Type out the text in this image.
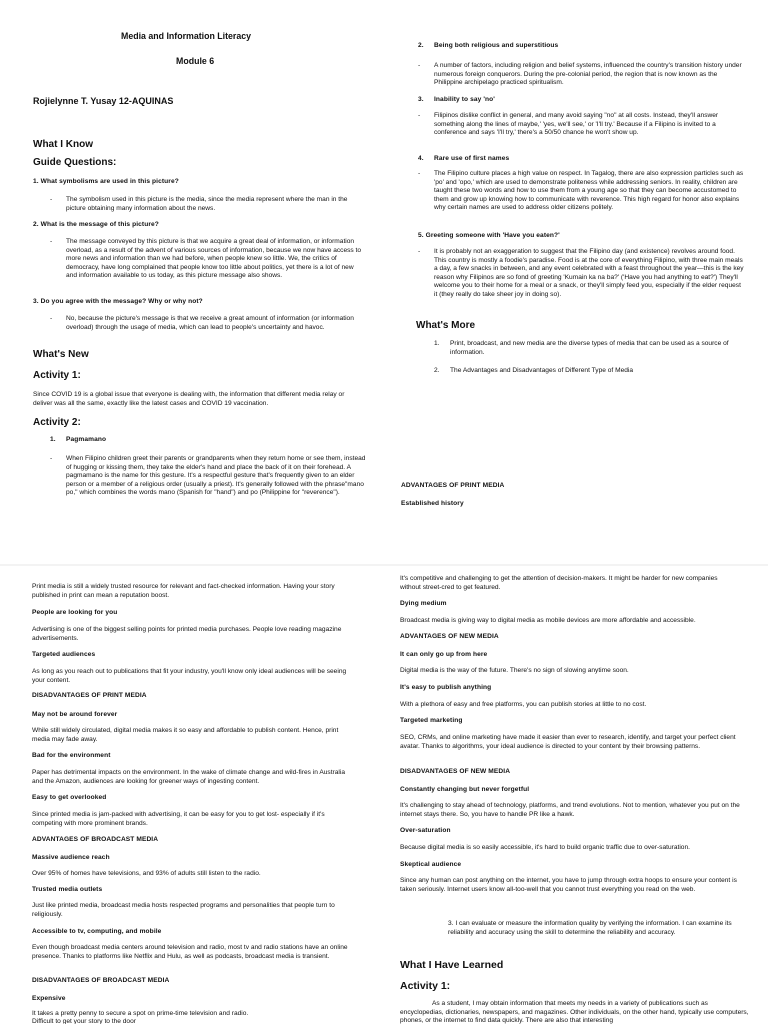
Media and Information Literacy

Module 6

Rojielynne T. Yusay 12-AQUINAS

What I Know

Guide Questions:

1. What symbolisms are used in this picture?

- The symbolism used in this picture is the media, since the media represent where the man in the picture obtaining many information about the news.

2. What is the message of this picture?

- The message conveyed by this picture is that we acquire a great deal of information, or information overload, as a result of the advent of various sources of information, because we now have access to more news and information than we had before, when people knew so little. We, the critics of democracy, have long complained that people know too little about politics, yet there is a lot of new and information available to us today, as this picture message also shows.

3. Do you agree with the message? Why or why not?

- No, because the picture's message is that we receive a great amount of information (or information overload) through the usage of media, which can lead to people's uncertainty and havoc.

What's New

Activity 1:

Since COVID 19 is a global issue that everyone is dealing with, the information that different media relay or deliver was all the same, exactly like the latest cases and COVID 19 vaccination.

Activity 2:

1. Pagmamano

- When Filipino children greet their parents or grandparents when they return home or see them, instead of hugging or kissing them, they take the elder's hand and place the back of it on their forehead. A pagmamano is the name for this gesture. It's a respectful gesture that's frequently given to an elder person or a member of a religious order (usually a priest). It's generally followed with the phrase"mano po," which combines the words mano (Spanish for "hand") and po (Philippine for "reverence").

2. Being both religious and superstitious

- A number of factors, including religion and belief systems, influenced the country's transition history under numerous foreign conquerors. During the pre-colonial period, the region that is now known as the Philippine archipelago practiced spiritualism.

3. Inability to say 'no'

- Filipinos dislike conflict in general, and many avoid saying "no" at all costs. Instead, they'll answer something along the lines of maybe,' 'yes, we'll see,' or 'I'll try.' Because if a Filipino is invited to a conference and says 'I'll try,' there's a 50/50 chance he won't show up.

4. Rare use of first names

- The Filipino culture places a high value on respect. In Tagalog, there are also expression particles such as 'po' and 'opo,' which are used to demonstrate politeness while addressing seniors. In reality, children are taught these two words and how to use them from a young age so that they can become accustomed to them and grow up knowing how to communicate with reverence. This high regard for honor also explains why certain names are used to address older citizens politely.

5. Greeting someone with 'Have you eaten?'

- It is probably not an exaggeration to suggest that the Filipino day (and existence) revolves around food. This country is mostly a foodie's paradise. Food is at the core of everything Filipino, with three main meals a day, a few snacks in between, and any event celebrated with a feast throughout the year—this is the key reason why Filipinos are so fond of greeting 'Kumain ka na ba?' ('Have you had anything to eat?') They'll welcome you to their home for a meal or a snack, or they'll simply feed you, especially if the elder request it (they really do take sheer joy in doing so).

What's More

1. Print, broadcast, and new media are the diverse types of media that can be used as a source of information.

2. The Advantages and Disadvantages of Different Type of Media

ADVANTAGES OF PRINT MEDIA

Established history

Print media is still a widely trusted resource for relevant and fact-checked information. Having your story published in print can mean a reputation boost.

People are looking for you

Advertising is one of the biggest selling points for printed media purchases. People love reading magazine advertisements.

Targeted audiences

As long as you reach out to publications that fit your industry, you'll know only ideal audiences will be seeing your content.

DISADVANTAGES OF PRINT MEDIA

May not be around forever

While still widely circulated, digital media makes it so easy and affordable to publish content. Hence, print media may fade away.

Bad for the environment

Paper has detrimental impacts on the environment. In the wake of climate change and wild-fires in Australia and the Amazon, audiences are looking for greener ways of ingesting content.

Easy to get overlooked

Since printed media is jam-packed with advertising, it can be easy for you to get lost- especially if it's competing with more prominent brands.

ADVANTAGES OF BROADCAST MEDIA

Massive audience reach

Over 95% of homes have televisions, and 93% of adults still listen to the radio.

Trusted media outlets

Just like printed media, broadcast media hosts respected programs and personalities that people turn to religiously.

Accessible to tv, computing, and mobile

Even though broadcast media centers around television and radio, most tv and radio stations have an online presence. Thanks to platforms like Netflix and Hulu, as well as podcasts, broadcast media is transient.

DISADVANTAGES OF BROADCAST MEDIA

Expensive

It takes a pretty penny to secure a spot on prime-time television and radio.

Difficult to get your story to the door

It's competitive and challenging to get the attention of decision-makers. It might be harder for new companies without street-cred to get featured.

Dying medium

Broadcast media is giving way to digital media as mobile devices are more affordable and accessible.

ADVANTAGES OF NEW MEDIA

It can only go up from here

Digital media is the way of the future. There's no sign of slowing anytime soon.

It's easy to publish anything

With a plethora of easy and free platforms, you can publish stories at little to no cost.

Targeted marketing

SEO, CRMs, and online marketing have made it easier than ever to research, identify, and target your perfect client avatar. Thanks to algorithms, your ideal audience is directed to your content by their browsing patterns.

DISADVANTAGES OF NEW MEDIA

Constantly changing but never forgetful

It's challenging to stay ahead of technology, platforms, and trend evolutions. Not to mention, whatever you put on the internet stays there. So, you have to handle PR like a hawk.

Over-saturation

Because digital media is so easily accessible, it's hard to build organic traffic due to over-saturation.

Skeptical audience

Since any human can post anything on the internet, you have to jump through extra hoops to ensure your content is taken seriously. Internet users know all-too-well that you cannot trust everything you read on the web.

3. I can evaluate or measure the information quality by verifying the information. I can examine its reliability and accuracy using the skill to determine the reliability and accuracy.

What I Have Learned

Activity 1:

As a student, I may obtain information that meets my needs in a variety of publications such as encyclopedias, dictionaries, newspapers, and magazines. Other individuals, on the other hand, typically use computers, phones, or the internet to find data quickly. There are also that interesting
